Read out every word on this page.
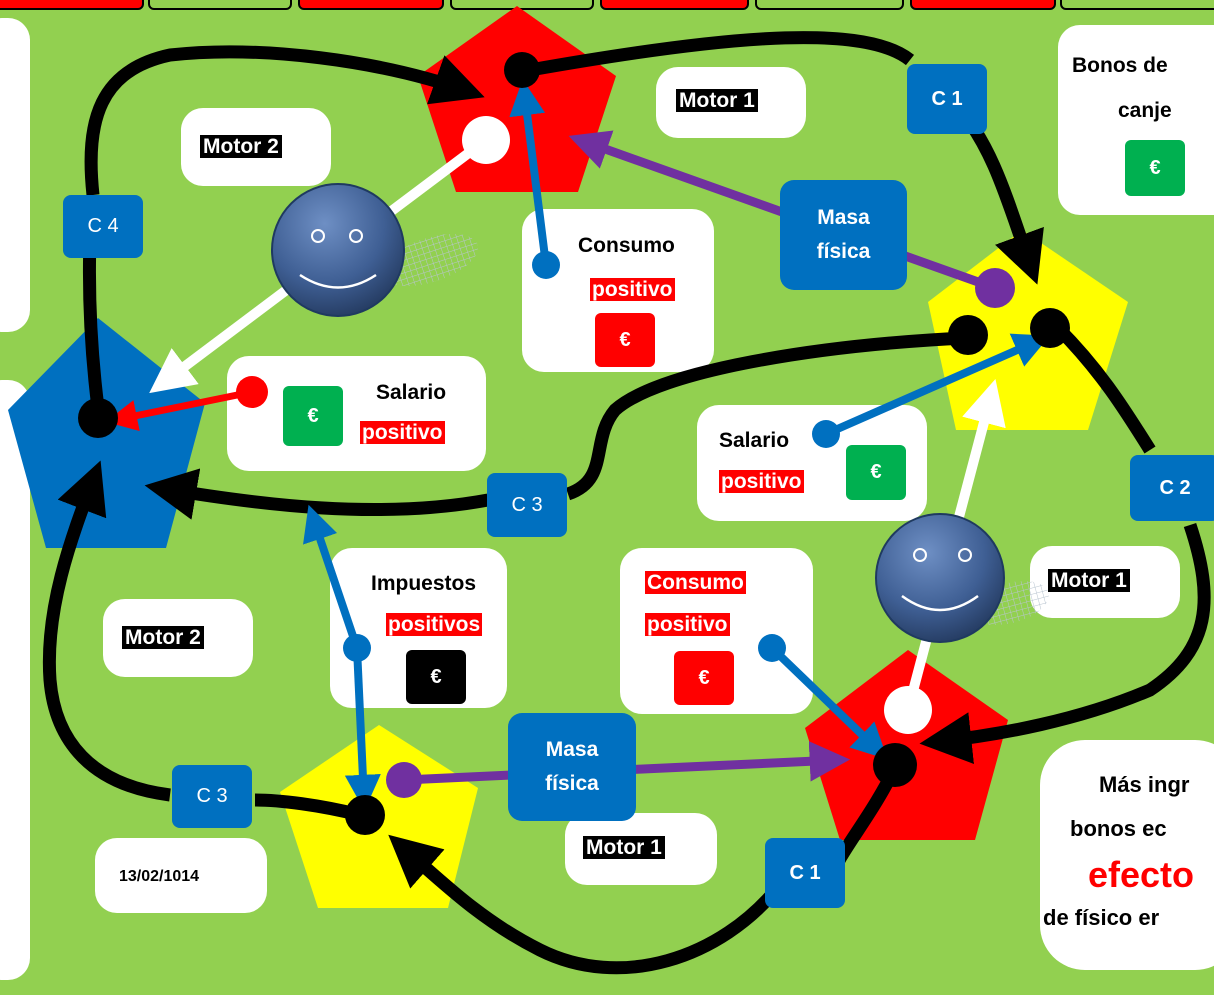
C 1
C 4
C 2
C 3
C 3
C 1
Masa
física
Masa
física
Motor 2
Motor 1
Motor 1
Motor 2
Motor 1
Consumo
positivo
€
Salario
positivo
€
Salario
positivo	€
Bonos de
canje
€
Impuestos
positivos
€
Consumo
positivo
€
13/02/1014
Más ingr
bonos ec
efecto
de físico er
